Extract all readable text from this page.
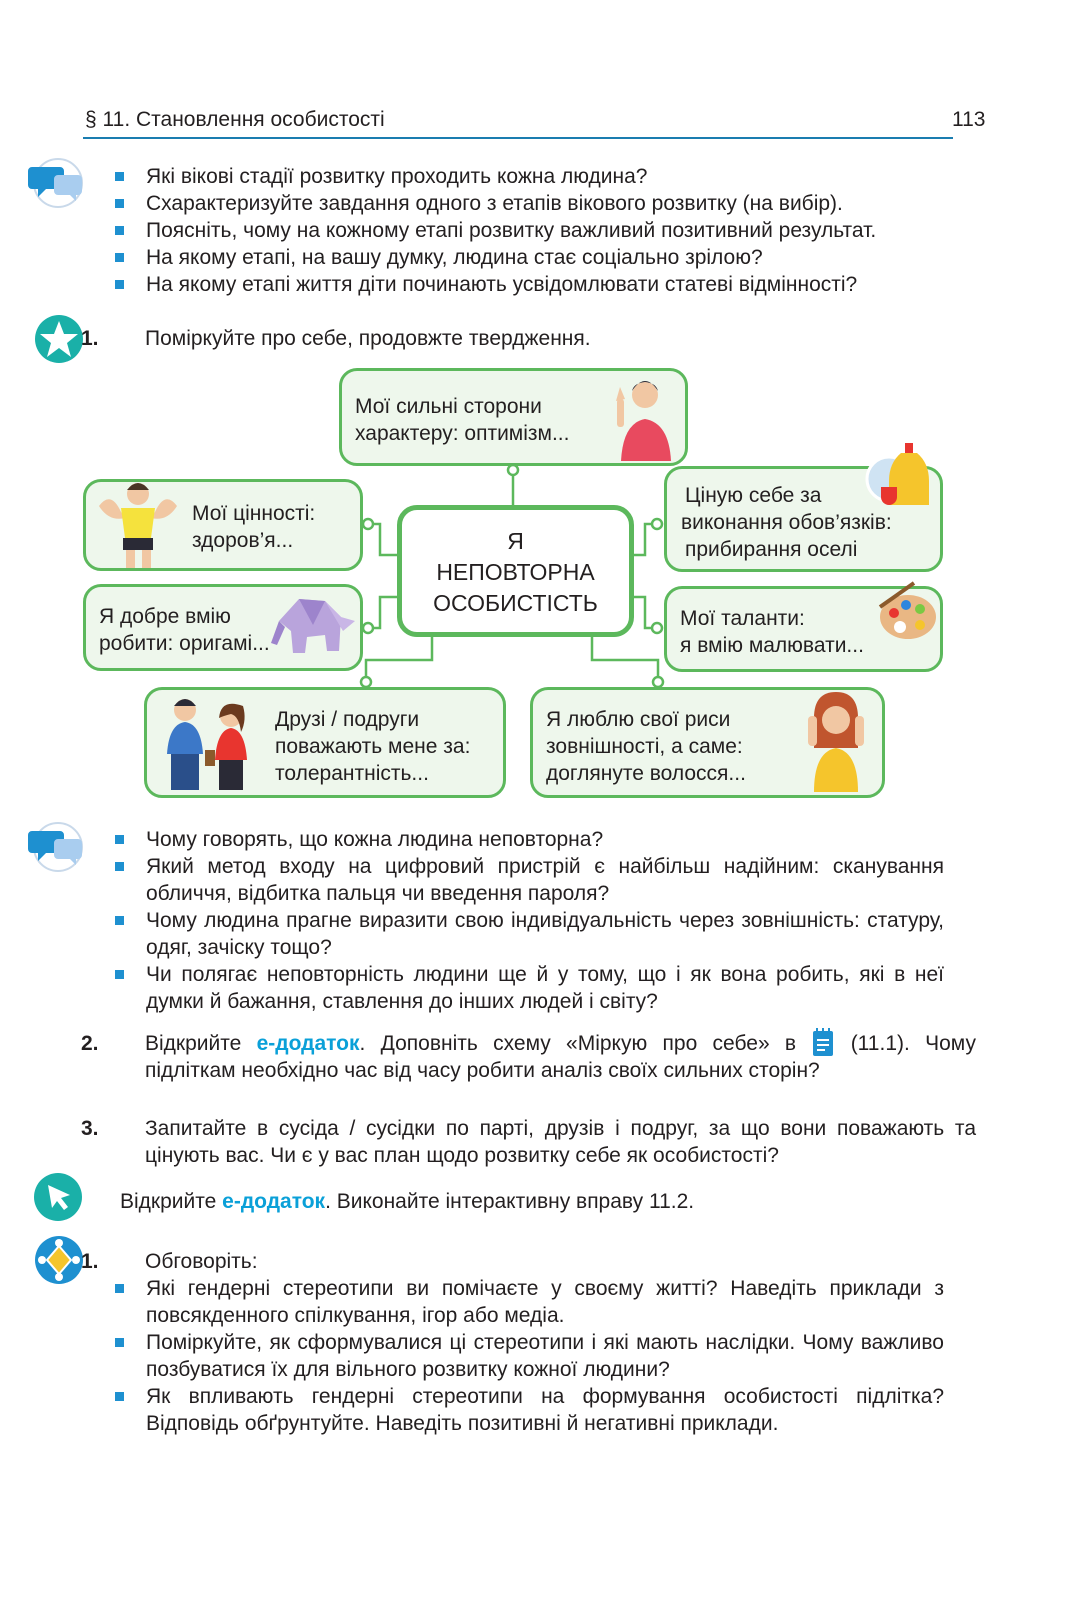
§ 11. Становлення особистості	113
Які вікові стадії розвитку проходить кожна людина?
Схарактеризуйте завдання одного з етапів вікового розвитку (на вибір).
Поясніть, чому на кожному етапі розвитку важливий позитивний результат.
На якому етапі, на вашу думку, людина стає соціально зрілою?
На якому етапі життя діти починають усвідомлювати статеві відмінності?
1. Поміркуйте про себе, продовжте твердження.
Мої сильні сторони
характеру: оптимізм...
Мої цінності:
здоров’я...
Ціную себе за
виконання обов’язків:
прибирання оселі
Я добре вмію
робити: оригамі...
Мої таланти:
я вмію малювати...
Друзі / подруги
поважають мене за:
толерантність...
Я люблю свої риси
зовнішності, а саме:
доглянуте волосся...
Я
НЕПОВТОРНА
ОСОБИСТІСТЬ
Чому говорять, що кожна людина неповторна?
Який метод входу на цифровий пристрій є найбільш надійним: сканування обличчя, відбитка пальця чи введення пароля?
Чому людина прагне виразити свою індивідуальність через зовнішність: статуру, одяг, зачіску тощо?
Чи полягає неповторність людини ще й у тому, що і як вона робить, які в неї думки й бажання, ставлення до інших людей і світу?
2. Відкрийте е-додаток. Доповніть схему «Міркую про себе» в  (11.1). Чому підліткам необхідно час від часу робити аналіз своїх сильних сторін?
3. Запитайте в сусіда / сусідки по парті, друзів і подруг, за що вони поважають та цінують вас. Чи є у вас план щодо розвитку себе як особистості?
Відкрийте е-додаток. Виконайте інтерактивну вправу 11.2.
1. Обговоріть:
Які гендерні стереотипи ви помічаєте у своєму житті? Наведіть приклади з повсякденного спілкування, ігор або медіа.
Поміркуйте, як сформувалися ці стереотипи і які мають наслідки. Чому важливо позбуватися їх для вільного розвитку кожної людини?
Як впливають гендерні стереотипи на формування особистості підлітка? Відповідь обґрунтуйте. Наведіть позитивні й негативні приклади.
